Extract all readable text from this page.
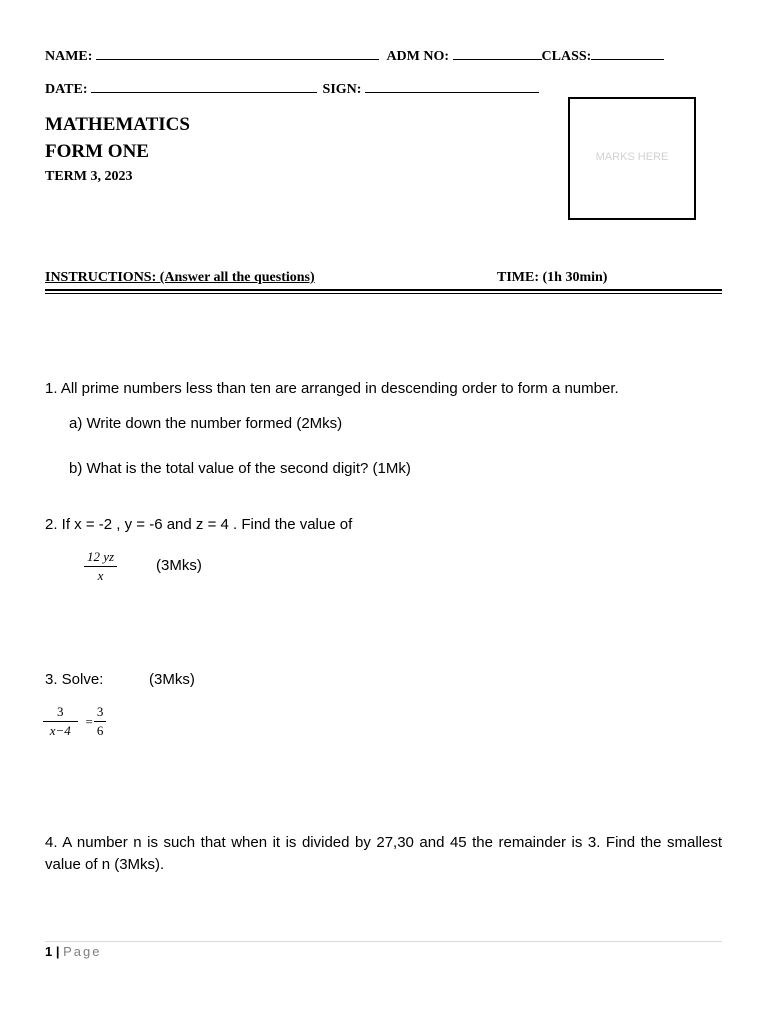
NAME:	ADM NO:	CLASS:
DATE:	SIGN:
MATHEMATICS
FORM ONE
TERM 3, 2023
MARKS HERE
INSTRUCTIONS: (Answer all the questions)	TIME: (1h 30min)
1. All prime numbers less than ten are arranged in descending order to form a number.
a) Write down the number formed (2Mks)
b) What is the total value of the second digit? (1Mk)
2. If x = -2 , y = -6 and z = 4 . Find the value of
$\frac{12 yz}{x}$	(3Mks)
3. Solve:	(3Mks)
$\frac{3}{x-4} = \frac{3}{6}$
4. A number n is such that when it is divided by 27,30 and 45 the remainder is 3. Find the smallest value of n (3Mks).
1 | Page
